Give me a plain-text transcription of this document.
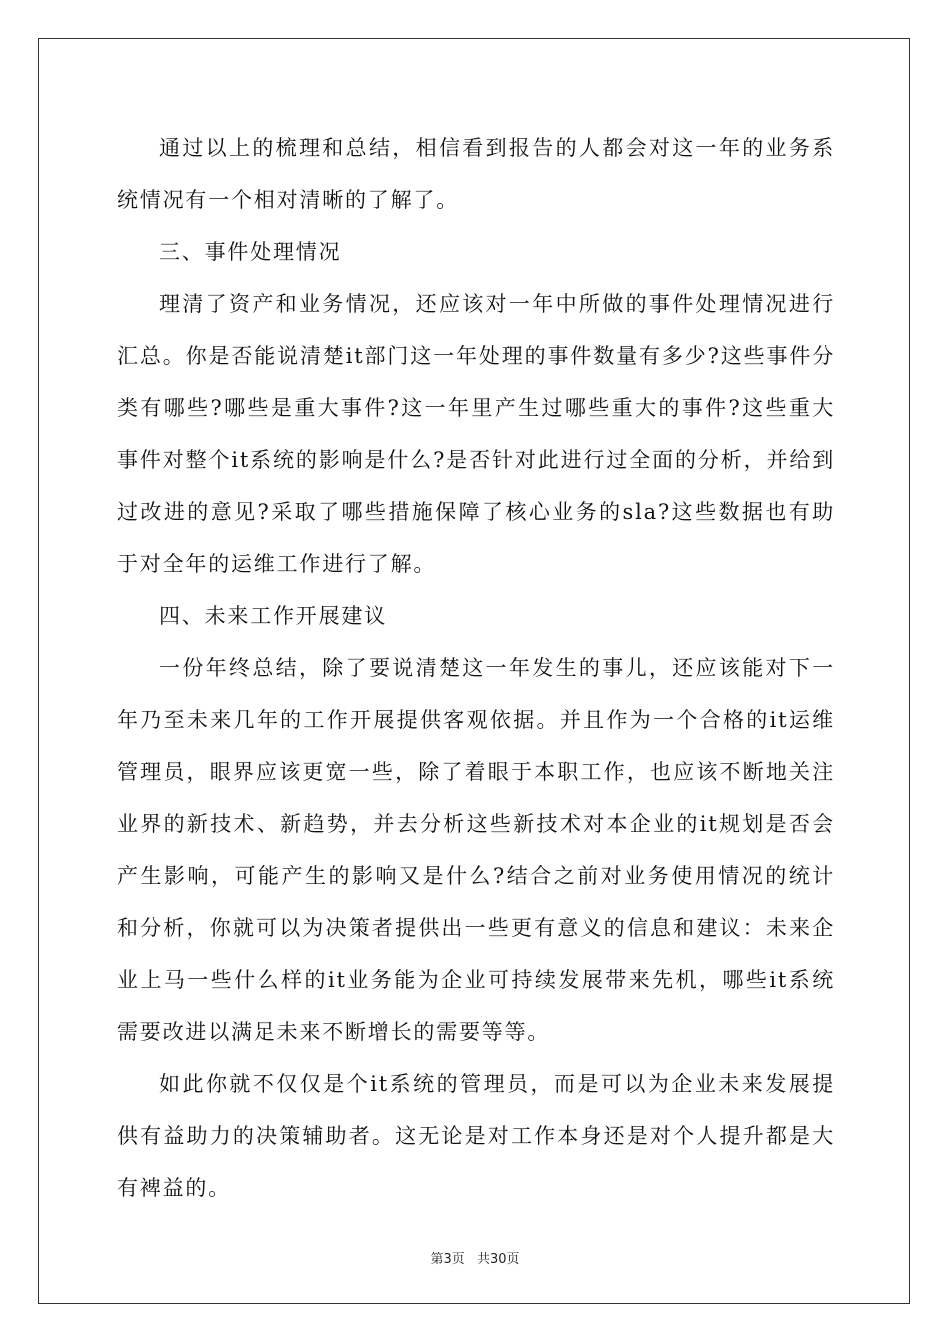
通过以上的梳理和总结，相信看到报告的人都会对这一年的业务系统情况有一个相对清晰的了解了。

三、事件处理情况

理清了资产和业务情况，还应该对一年中所做的事件处理情况进行汇总。你是否能说清楚it部门这一年处理的事件数量有多少?这些事件分类有哪些?哪些是重大事件?这一年里产生过哪些重大的事件?这些重大事件对整个it系统的影响是什么?是否针对此进行过全面的分析，并给到过改进的意见?采取了哪些措施保障了核心业务的sla?这些数据也有助于对全年的运维工作进行了解。

四、未来工作开展建议

一份年终总结，除了要说清楚这一年发生的事儿，还应该能对下一年乃至未来几年的工作开展提供客观依据。并且作为一个合格的it运维管理员，眼界应该更宽一些，除了着眼于本职工作，也应该不断地关注业界的新技术、新趋势，并去分析这些新技术对本企业的it规划是否会产生影响，可能产生的影响又是什么?结合之前对业务使用情况的统计和分析，你就可以为决策者提供出一些更有意义的信息和建议：未来企业上马一些什么样的it业务能为企业可持续发展带来先机，哪些it系统需要改进以满足未来不断增长的需要等等。

如此你就不仅仅是个it系统的管理员，而是可以为企业未来发展提供有益助力的决策辅助者。这无论是对工作本身还是对个人提升都是大有裨益的。

第3页 共30页
